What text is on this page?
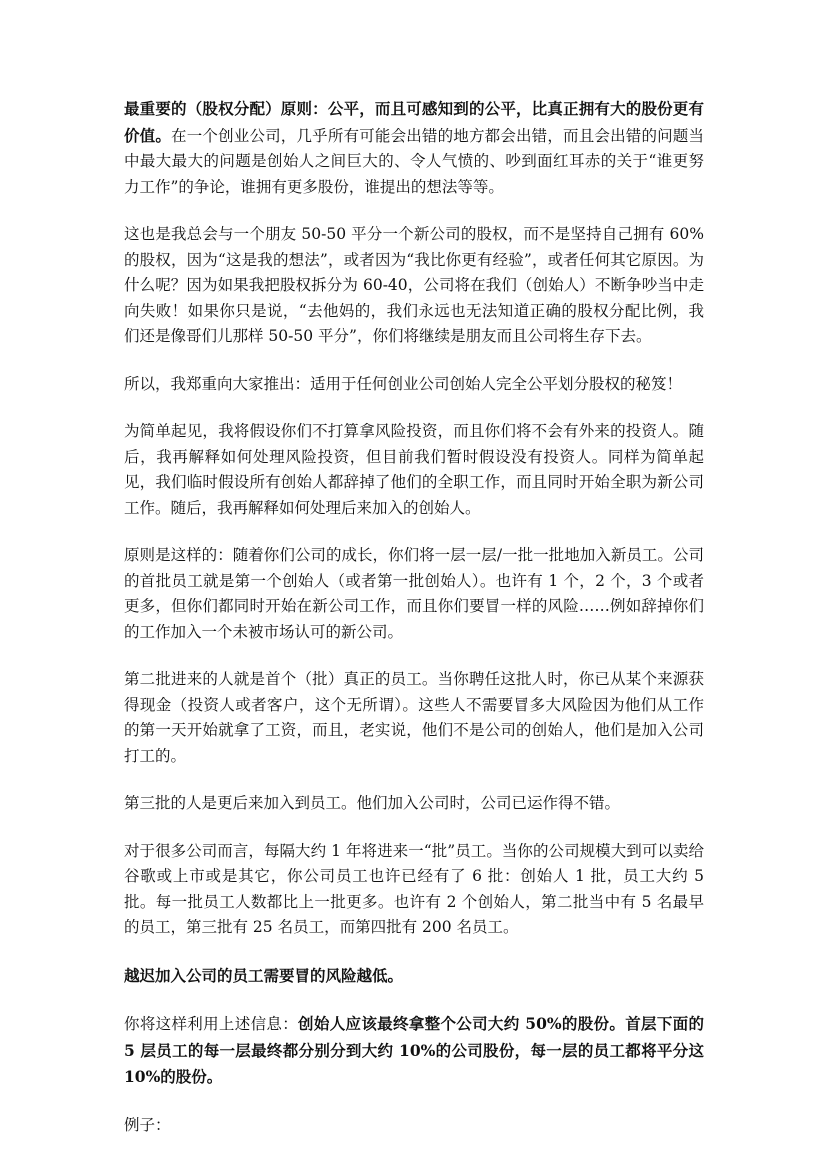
最重要的（股权分配）原则：公平，而且可感知到的公平，比真正拥有大的股份更有价值。在一个创业公司，几乎所有可能会出错的地方都会出错，而且会出错的问题当中最大最大的问题是创始人之间巨大的、令人气愤的、吵到面红耳赤的关于“谁更努力工作”的争论，谁拥有更多股份，谁提出的想法等等。

这也是我总会与一个朋友 50-50 平分一个新公司的股权，而不是坚持自己拥有 60%的股权，因为“这是我的想法”，或者因为“我比你更有经验”，或者任何其它原因。为什么呢？因为如果我把股权拆分为 60-40，公司将在我们（创始人）不断争吵当中走向失败！如果你只是说，“去他妈的，我们永远也无法知道正确的股权分配比例，我们还是像哥们儿那样 50-50 平分”，你们将继续是朋友而且公司将生存下去。

所以，我郑重向大家推出：适用于任何创业公司创始人完全公平划分股权的秘笈！

为简单起见，我将假设你们不打算拿风险投资，而且你们将不会有外来的投资人。随后，我再解释如何处理风险投资，但目前我们暂时假设没有投资人。同样为简单起见，我们临时假设所有创始人都辞掉了他们的全职工作，而且同时开始全职为新公司工作。随后，我再解释如何处理后来加入的创始人。

原则是这样的：随着你们公司的成长，你们将一层一层/一批一批地加入新员工。公司的首批员工就是第一个创始人（或者第一批创始人）。也许有 1 个，2 个，3 个或者更多，但你们都同时开始在新公司工作，而且你们要冒一样的风险……例如辞掉你们的工作加入一个未被市场认可的新公司。

第二批进来的人就是首个（批）真正的员工。当你聘任这批人时，你已从某个来源获得现金（投资人或者客户，这个无所谓）。这些人不需要冒多大风险因为他们从工作的第一天开始就拿了工资，而且，老实说，他们不是公司的创始人，他们是加入公司打工的。

第三批的人是更后来加入到员工。他们加入公司时，公司已运作得不错。

对于很多公司而言，每隔大约 1 年将进来一“批”员工。当你的公司规模大到可以卖给谷歌或上市或是其它，你公司员工也许已经有了 6 批：创始人 1 批，员工大约 5 批。每一批员工人数都比上一批更多。也许有 2 个创始人，第二批当中有 5 名最早的员工，第三批有 25 名员工，而第四批有 200 名员工。

越迟加入公司的员工需要冒的风险越低。

你将这样利用上述信息：创始人应该最终拿整个公司大约 50%的股份。首层下面的 5 层员工的每一层最终都分别分到大约 10%的公司股份，每一层的员工都将平分这 10%的股份。

例子：
